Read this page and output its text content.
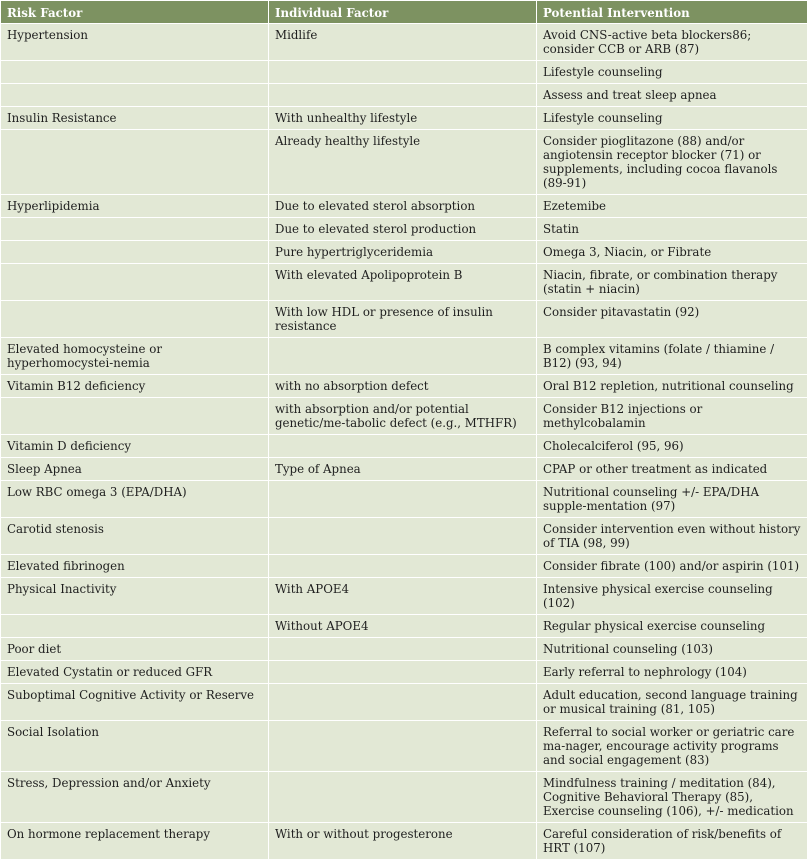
Risk Factor	Individual Factor	Potential Intervention
Hypertension	Midlife	Avoid CNS-active beta blockers86; consider CCB or ARB (87)
		Lifestyle counseling
		Assess and treat sleep apnea
Insulin Resistance	With unhealthy lifestyle	Lifestyle counseling
	Already healthy lifestyle	Consider pioglitazone (88) and/or angiotensin receptor blocker (71) or supplements, including cocoa flavanols (89-91)
Hyperlipidemia	Due to elevated sterol absorption	Ezetemibe
	Due to elevated sterol production	Statin
	Pure hypertriglyceridemia	Omega 3, Niacin, or Fibrate
	With elevated Apolipoprotein B	Niacin, fibrate, or combination therapy (statin + niacin)
	With low HDL or presence of insulin resistance	Consider pitavastatin (92)
Elevated homocysteine or hyperhomocystei-nemia		B complex vitamins (folate / thiamine / B12) (93, 94)
Vitamin B12 deficiency	with no absorption defect	Oral B12 repletion, nutritional counseling
	with absorption and/or potential genetic/me-tabolic defect (e.g., MTHFR)	Consider B12 injections or methylcobalamin
Vitamin D deficiency		Cholecalciferol (95, 96)
Sleep Apnea	Type of Apnea	CPAP or other treatment as indicated
Low RBC omega 3 (EPA/DHA)		Nutritional counseling +/- EPA/DHA supple-mentation (97)
Carotid stenosis		Consider intervention even without history of TIA (98, 99)
Elevated fibrinogen		Consider fibrate (100) and/or aspirin (101)
Physical Inactivity	With APOE4	Intensive physical exercise counseling (102)
	Without APOE4	Regular physical exercise counseling
Poor diet		Nutritional counseling (103)
Elevated Cystatin or reduced GFR		Early referral to nephrology (104)
Suboptimal Cognitive Activity or Reserve		Adult education, second language training or musical training (81, 105)
Social Isolation		Referral to social worker or geriatric care ma-nager, encourage activity programs and social engagement (83)
Stress, Depression and/or Anxiety		Mindfulness training / meditation (84), Cognitive Behavioral Therapy (85), Exercise counseling (106), +/- medication
On hormone replacement therapy	With or without progesterone	Careful consideration of risk/benefits of HRT (107)
